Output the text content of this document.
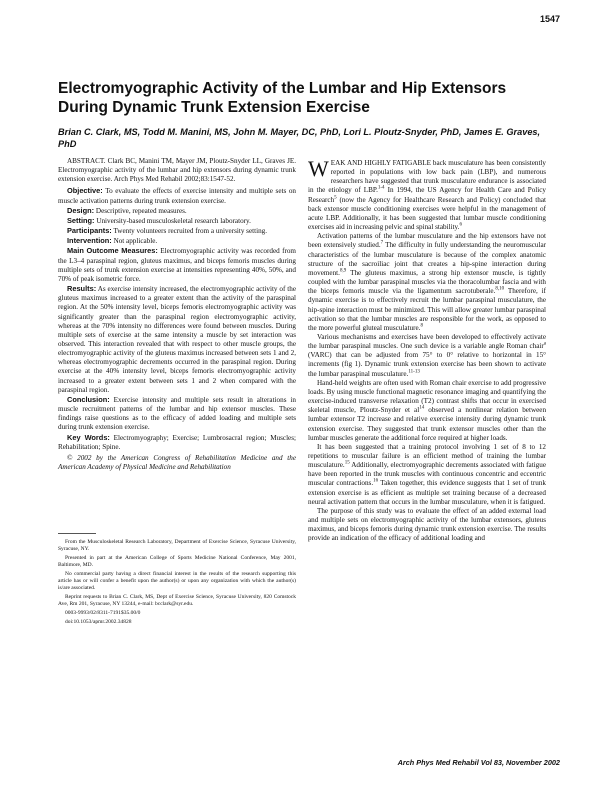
1547
Electromyographic Activity of the Lumbar and Hip Extensors During Dynamic Trunk Extension Exercise
Brian C. Clark, MS, Todd M. Manini, MS, John M. Mayer, DC, PhD, Lori L. Ploutz-Snyder, PhD, James E. Graves, PhD

ABSTRACT. Clark BC, Manini TM, Mayer JM, Ploutz-Snyder LL, Graves JE. Electromyographic activity of the lumbar and hip extensors during dynamic trunk extension exercise. Arch Phys Med Rehabil 2002;83:1547-52.

Objective: To evaluate the effects of exercise intensity and multiple sets on muscle activation patterns during trunk extension exercise.

Design: Descriptive, repeated measures.

Setting: University-based musculoskeletal research laboratory.

Participants: Twenty volunteers recruited from a university setting.

Intervention: Not applicable.

Main Outcome Measures: Electromyographic activity was recorded from the L3–4 paraspinal region, gluteus maximus, and biceps femoris muscles during multiple sets of trunk extension exercise at intensities representing 40%, 50%, and 70% of peak isometric force.

Results: As exercise intensity increased, the electromyographic activity of the gluteus maximus increased to a greater extent than the activity of the paraspinal region. At the 50% intensity level, biceps femoris electromyographic activity was significantly greater than the paraspinal region electromyographic activity, whereas at the 70% intensity no differences were found between muscles. During multiple sets of exercise at the same intensity a muscle by set interaction was observed. This interaction revealed that with respect to other muscle groups, the electromyographic activity of the gluteus maximus increased between sets 1 and 2, whereas electromyographic decrements occurred in the paraspinal region. During exercise at the 40% intensity level, biceps femoris electromyographic activity increased to a greater extent between sets 1 and 2 when compared with the paraspinal region.

Conclusion: Exercise intensity and multiple sets result in alterations in muscle recruitment patterns of the lumbar and hip extensor muscles. These findings raise questions as to the efficacy of added loading and multiple sets during trunk extension exercise.

Key Words: Electromyography; Exercise; Lumbrosacral region; Muscles; Rehabilitation; Spine.

© 2002 by the American Congress of Rehabilitation Medicine and the American Academy of Physical Medicine and Rehabilitation

From the Musculoskeletal Research Laboratory, Department of Exercise Science, Syracuse University, Syracuse, NY.

Presented in part at the American College of Sports Medicine National Conference, May 2001, Baltimore, MD.

No commercial party having a direct financial interest in the results of the research supporting this article has or will confer a benefit upon the author(s) or upon any organization with which the author(s) is/are associated.

Reprint requests to Brian C. Clark, MS, Dept of Exercise Science, Syracuse University, 820 Comstock Ave, Rm 201, Syracuse, NY 13244, e-mail: bcclark@syr.edu.

0003-9993/02/8311-7191$35.00/0

doi:10.1053/apmr.2002.34828

WEAK AND HIGHLY FATIGABLE back musculature has been consistently reported in populations with low back pain (LBP), and numerous researchers have suggested that trunk musculature endurance is associated in the etiology of LBP.$^{1-4}$ In 1994, the US Agency for Health Care and Policy Research$^5$ (now the Agency for Healthcare Research and Policy) concluded that back extensor muscle conditioning exercises were helpful in the management of acute LBP. Additionally, it has been suggested that lumbar muscle conditioning exercises aid in increasing pelvic and spinal stability.$^6$

Activation patterns of the lumbar musculature and the hip extensors have not been extensively studied.$^7$ The difficulty in fully understanding the neuromuscular characteristics of the lumbar musculature is because of the complex anatomic structure of the sacroiliac joint that creates a hip-spine interaction during movement.$^{8,9}$ The gluteus maximus, a strong hip extensor muscle, is tightly coupled with the lumbar paraspinal muscles via the thoracolumbar fascia and with the biceps femoris muscle via the ligamentum sacrotuberale.$^{8,10}$ Therefore, if dynamic exercise is to effectively recruit the lumbar paraspinal musculature, the hip-spine interaction must be minimized. This will allow greater lumbar paraspinal activation so that the lumbar muscles are responsible for the work, as opposed to the more powerful gluteal musculature.$^8$

Various mechanisms and exercises have been developed to effectively activate the lumbar paraspinal muscles. One such device is a variable angle Roman chair$^a$ (VARC) that can be adjusted from 75° to 0° relative to horizontal in 15° increments (fig 1). Dynamic trunk extension exercise has been shown to activate the lumbar paraspinal musculature.$^{11-13}$

Hand-held weights are often used with Roman chair exercise to add progressive loads. By using muscle functional magnetic resonance imaging and quantifying the exercise-induced transverse relaxation (T2) contrast shifts that occur in exercised skeletal muscle, Ploutz-Snyder et $al^{14}$ observed a nonlinear relation between lumbar extensor T2 increase and relative exercise intensity during dynamic trunk extension exercise. They suggested that trunk extensor muscles other than the lumbar muscles generate the additional force required at higher loads.

It has been suggested that a training protocol involving 1 set of 8 to 12 repetitions to muscular failure is an efficient method of training the lumbar musculature.$^{15}$ Additionally, electromyographic decrements associated with fatigue have been reported in the trunk muscles with continuous concentric and eccentric muscular contractions.$^{16}$ Taken together, this evidence suggests that 1 set of trunk extension exercise is as efficient as multiple set training because of a decreased neural activation pattern that occurs in the lumbar musculature, when it is fatigued.

The purpose of this study was to evaluate the effect of an added external load and multiple sets on electromyographic activity of the lumbar extensors, gluteus maximus, and biceps femoris during dynamic trunk extension exercise. The results provide an indication of the efficacy of additional loading and

Arch Phys Med Rehabil Vol 83, November 2002
